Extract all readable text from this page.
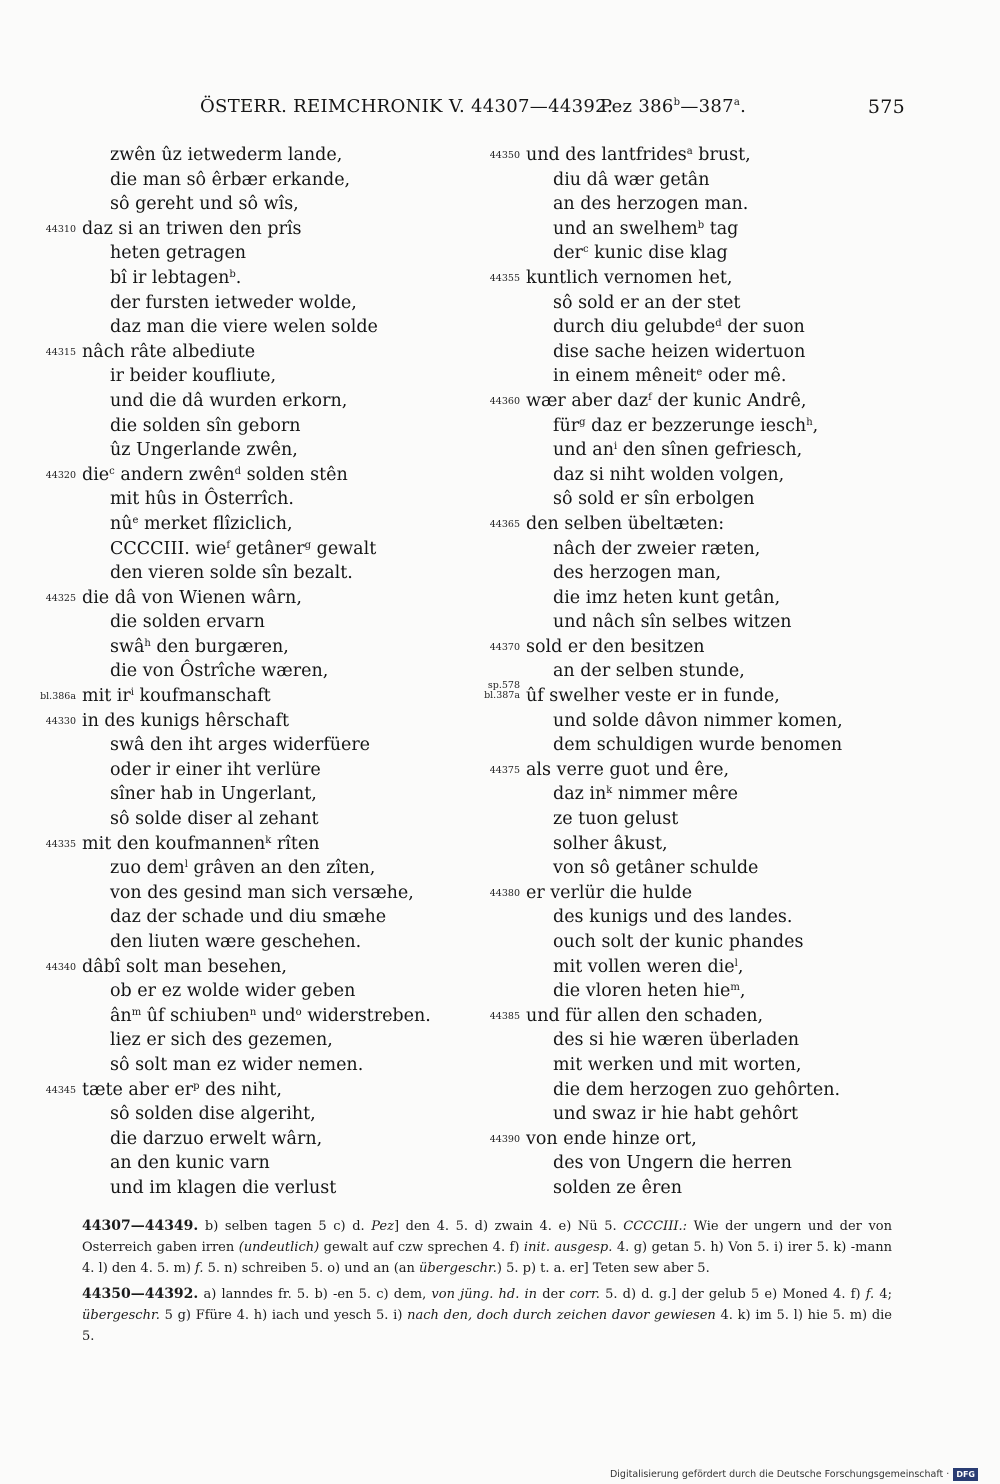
ÖSTERR. REIMCHRONIK V. 44307—44392.
Pez 386$^b$—387$^a$.	575
zwên ûz ietwederm lande,
die man sô êrbær erkande,
sô gereht und sô wîs,
44310 daz si an triwen den prîs
heten getragen
bî ir lebtagen$^b$.
der fursten ietweder wolde,
daz man die viere welen solde
44315 nâch râte albediute
ir beider koufliute,
und die dâ wurden erkorn,
die solden sîn geborn
ûz Ungerlande zwên,
44320 die$^c$ andern zwên$^d$ solden stên
mit hûs in Ôsterrîch.
$nû^e$ merket flîziclich,
CCCCIII. wie$^f$ getâner$^g$ gewalt
den vieren solde sîn bezalt.
44325 die dâ von Wienen wârn,
die solden ervarn
swâ$^h$ den burgæren,
die von Ôstrîche wæren,
bl.386a mit $ir^i$ koufmanschaft
44330 in des kunigs hêrschaft
swâ den iht arges widerfüere
oder ir einer iht verlüre
sîner hab in Ungerlant,
sô solde diser al zehant
44335 mit den koufmannen$^k$ rîten
zuo dem$^l$ grâven an den zîten,
von des gesind man sich versæhe,
daz der schade und diu smæhe
den liuten wære geschehen.
44340 dâbî solt man besehen,
ob er ez wolde wider geben
$ân^m$ ûf schiuben$^n$ und$^o$ widerstreben.
liez er sich des gezemen,
sô solt man ez wider nemen.
44345 tæte aber $er^p$ des niht,
sô solden dise algeriht,
die darzuo erwelt wârn,
an den kunic varn
und im klagen die verlust
44350 und des lantfrides$^a$ brust,
diu dâ wær getân
an des herzogen man.
und an swelhem$^b$ tag
der$^c$ kunic dise klag
44355 kuntlich vernomen het,
sô sold er an der stet
durch diu gelubde$^d$ der suon
dise sache heizen widertuon
in einem mêneit$^e$ oder mê.
44360 wær aber daz$^f$ der kunic Andrê,
für$^g$ daz er bezzerunge iesch$^h$,
und $an^i$ den sînen gefriesch,
daz si niht wolden volgen,
sô sold er sîn erbolgen
44365 den selben übeltæten:
nâch der zweier ræten,
des herzogen man,
die imz heten kunt getân,
und nâch sîn selbes witzen
44370 sold er den besitzen
an der selben stunde,
sp.578
bl.387a ûf swelher veste er in funde,
und solde dâvon nimmer komen,
dem schuldigen wurde benomen
44375 als verre guot und êre,
daz $in^k$ nimmer mêre
ze tuon gelust
solher âkust,
von sô getâner schulde
44380 er verlür die hulde
des kunigs und des landes.
ouch solt der kunic phandes
mit vollen weren die$^l$,
die vloren heten hie$^m$,
44385 und für allen den schaden,
des si hie wæren überladen
mit werken und mit worten,
die dem herzogen zuo gehôrten.
und swaz ir hie habt gehôrt
44390 von ende hinze ort,
des von Ungern die herren
solden ze êren

44307—44349. b) selben tagen 5 c) d. Pez] den 4. 5. d) zwain 4. e) Nü 5. CCCCIII.: Wie der ungern und der von Osterreich gaben irren (undeutlich) gewalt auf czw sprechen 4. f) init. ausgesp. 4. g) getan 5. h) Von 5. i) irer 5. k) -mann 4. l) den 4. 5. m) f. 5. n) schreiben 5. o) und an (an übergeschr.) 5. p) t. a. er] Teten sew aber 5.

44350—44392. a) lanndes fr. 5. b) -en 5. c) dem, von jüng. hd. in der corr. 5. d) d. g.] der gelub 5 e) Moned 4. f) f. 4; übergeschr. 5 g) Ffüre 4. h) iach und yesch 5. i) nach den, doch durch zeichen davor gewiesen 4. k) im 5. l) hie 5. m) die 5.

Digitalisierung gefördert durch die Deutsche Forschungsgemeinschaft · DFG
